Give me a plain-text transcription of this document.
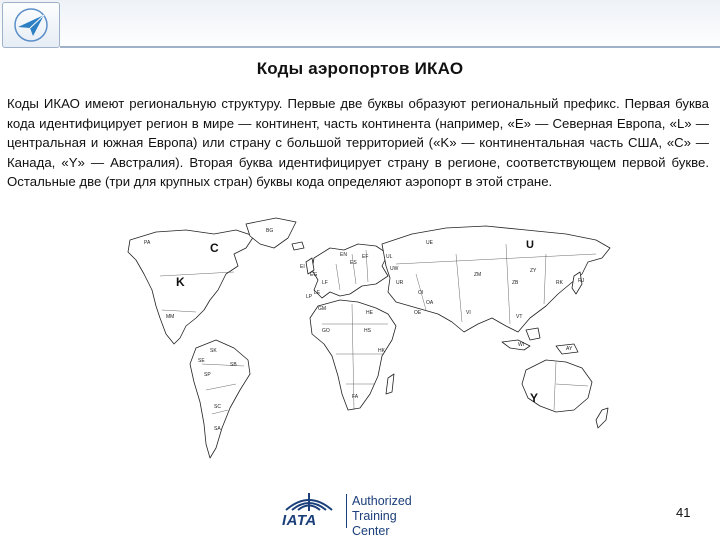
Коды аэропортов ИКАО

Коды ИКАО имеют региональную структуру. Первые две буквы образуют региональный префикс. Первая буква кода идентифицирует регион в мире — континент, часть континента (например, «E» — Северная Европа, «L» — центральная и южная Европа) или страну с большой территорией («K» — континентальная часть США, «C» — Канада, «Y» — Австралия). Вторая буква идентифицирует страну в регионе, соответствующем первой букве. Остальные две (три для крупных стран) буквы кода определяют аэропорт в этой стране.

C
K
Y
U
PA
BG
EN
UE
ES
EF	UL
EI
EG
UW
UR
LF
LE
LP
GM
OA
ZM
RK	RJ
ZB
ZY
VT
VI
OI
OE
HE
GO	HS
HK
WI
AY
FA
MM
SB
SC
SA
SK
SP
SE
IATA
Authorized
Training Center
41
